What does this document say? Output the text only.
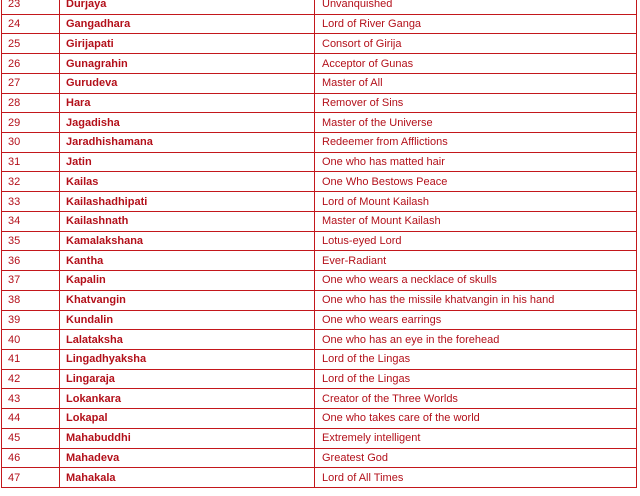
23	Durjaya	Unvanquished
24	Gangadhara	Lord of River Ganga
25	Girijapati	Consort of Girija
26	Gunagrahin	Acceptor of Gunas
27	Gurudeva	Master of All
28	Hara	Remover of Sins
29	Jagadisha	Master of the Universe
30	Jaradhishamana	Redeemer from Afflictions
31	Jatin	One who has matted hair
32	Kailas	One Who Bestows Peace
33	Kailashadhipati	Lord of Mount Kailash
34	Kailashnath	Master of Mount Kailash
35	Kamalakshana	Lotus-eyed Lord
36	Kantha	Ever-Radiant
37	Kapalin	One who wears a necklace of skulls
38	Khatvangin	One who has the missile khatvangin in his hand
39	Kundalin	One who wears earrings
40	Lalataksha	One who has an eye in the forehead
41	Lingadhyaksha	Lord of the Lingas
42	Lingaraja	Lord of the Lingas
43	Lokankara	Creator of the Three Worlds
44	Lokapal	One who takes care of the world
45	Mahabuddhi	Extremely intelligent
46	Mahadeva	Greatest God
47	Mahakala	Lord of All Times
